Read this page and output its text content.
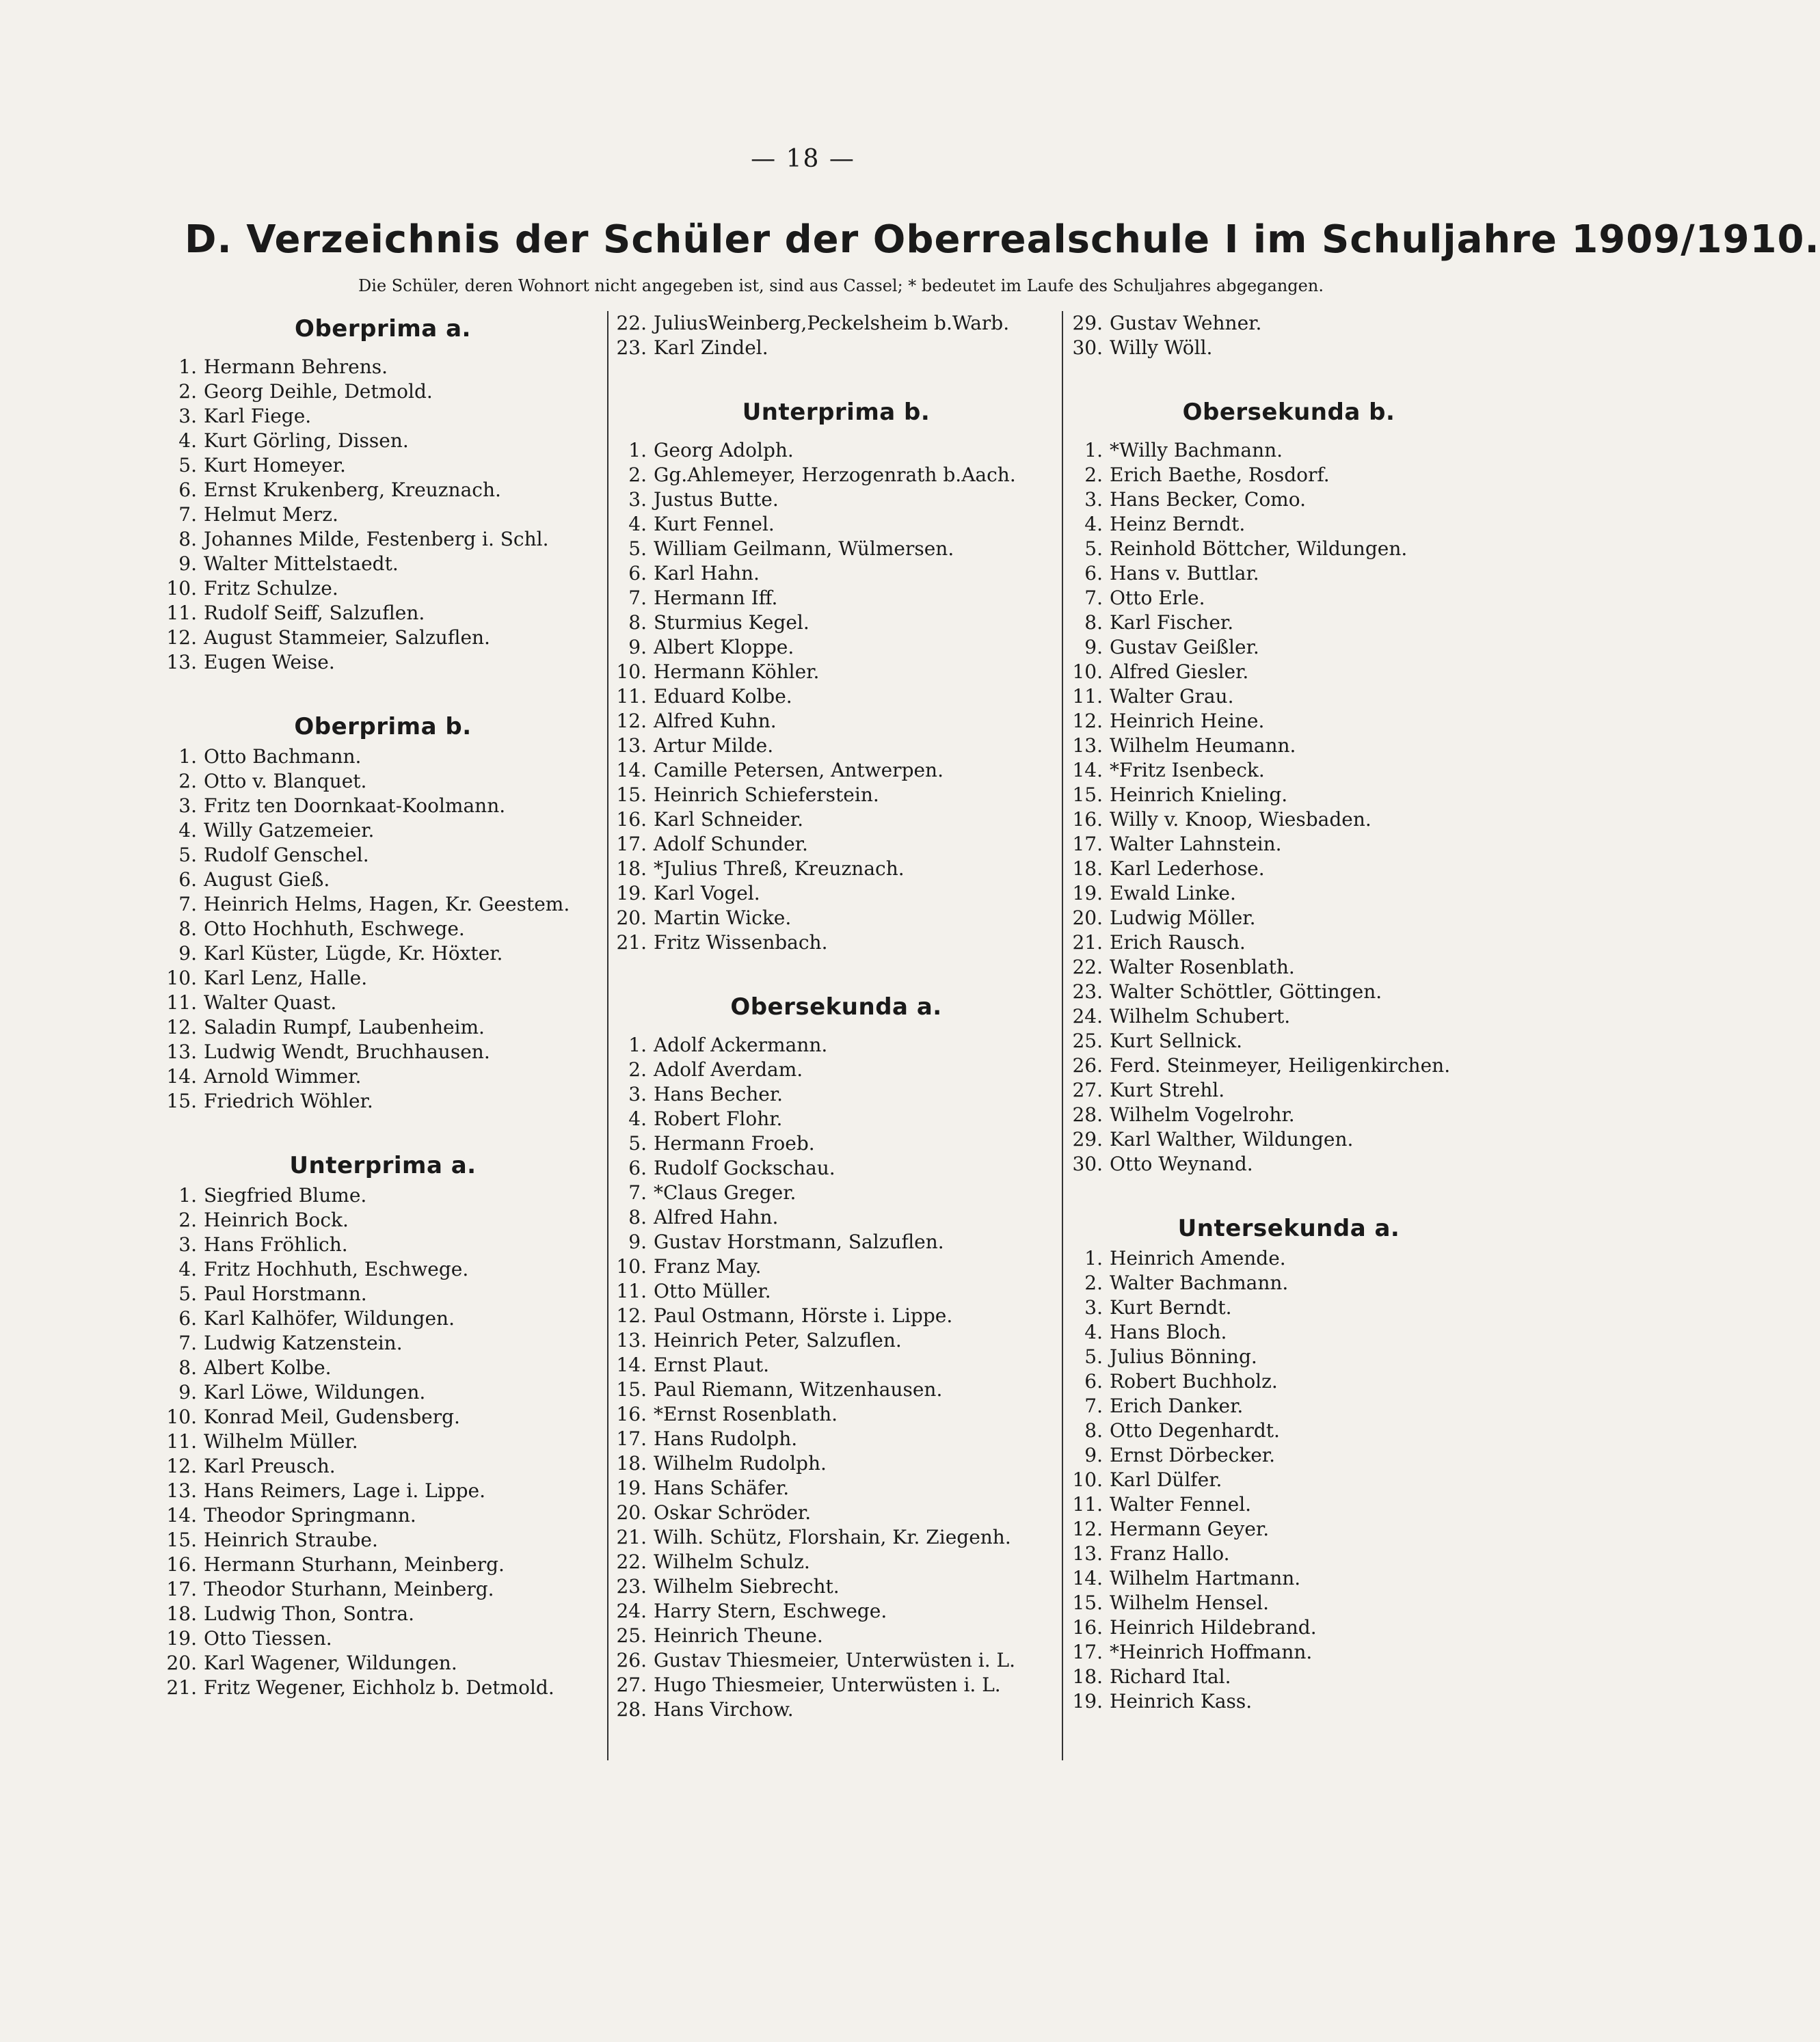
— 18 —
D. Verzeichnis der Schüler der Oberrealschule I im Schuljahre 1909/1910.
Die Schüler, deren Wohnort nicht angegeben ist, sind aus Cassel; * bedeutet im Laufe des Schuljahres abgegangen.
Oberprima a.
1. Hermann Behrens.
2. Georg Deihle, Detmold.
3. Karl Fiege.
4. Kurt Görling, Dissen.
5. Kurt Homeyer.
6. Ernst Krukenberg, Kreuznach.
7. Helmut Merz.
8. Johannes Milde, Festenberg i. Schl.
9. Walter Mittelstaedt.
10. Fritz Schulze.
11. Rudolf Seiff, Salzuflen.
12. August Stammeier, Salzuflen.
13. Eugen Weise.
Oberprima b.
1. Otto Bachmann.
2. Otto v. Blanquet.
3. Fritz ten Doornkaat-Koolmann.
4. Willy Gatzemeier.
5. Rudolf Genschel.
6. August Gieß.
7. Heinrich Helms, Hagen, Kr. Geestem.
8. Otto Hochhuth, Eschwege.
9. Karl Küster, Lügde, Kr. Höxter.
10. Karl Lenz, Halle.
11. Walter Quast.
12. Saladin Rumpf, Laubenheim.
13. Ludwig Wendt, Bruchhausen.
14. Arnold Wimmer.
15. Friedrich Wöhler.
Unterprima a.
1. Siegfried Blume.
2. Heinrich Bock.
3. Hans Fröhlich.
4. Fritz Hochhuth, Eschwege.
5. Paul Horstmann.
6. Karl Kalhöfer, Wildungen.
7. Ludwig Katzenstein.
8. Albert Kolbe.
9. Karl Löwe, Wildungen.
10. Konrad Meil, Gudensberg.
11. Wilhelm Müller.
12. Karl Preusch.
13. Hans Reimers, Lage i. Lippe.
14. Theodor Springmann.
15. Heinrich Straube.
16. Hermann Sturhann, Meinberg.
17. Theodor Sturhann, Meinberg.
18. Ludwig Thon, Sontra.
19. Otto Tiessen.
20. Karl Wagener, Wildungen.
21. Fritz Wegener, Eichholz b. Detmold.
22. JuliusWeinberg,Peckelsheim b.Warb.
23. Karl Zindel.
Unterprima b.
1. Georg Adolph.
2. Gg.Ahlemeyer, Herzogenrath b.Aach.
3. Justus Butte.
4. Kurt Fennel.
5. William Geilmann, Wülmersen.
6. Karl Hahn.
7. Hermann Iff.
8. Sturmius Kegel.
9. Albert Kloppe.
10. Hermann Köhler.
11. Eduard Kolbe.
12. Alfred Kuhn.
13. Artur Milde.
14. Camille Petersen, Antwerpen.
15. Heinrich Schieferstein.
16. Karl Schneider.
17. Adolf Schunder.
18. *Julius Threß, Kreuznach.
19. Karl Vogel.
20. Martin Wicke.
21. Fritz Wissenbach.
Obersekunda a.
1. Adolf Ackermann.
2. Adolf Averdam.
3. Hans Becher.
4. Robert Flohr.
5. Hermann Froeb.
6. Rudolf Gockschau.
7. *Claus Greger.
8. Alfred Hahn.
9. Gustav Horstmann, Salzuflen.
10. Franz May.
11. Otto Müller.
12. Paul Ostmann, Hörste i. Lippe.
13. Heinrich Peter, Salzuflen.
14. Ernst Plaut.
15. Paul Riemann, Witzenhausen.
16. *Ernst Rosenblath.
17. Hans Rudolph.
18. Wilhelm Rudolph.
19. Hans Schäfer.
20. Oskar Schröder.
21. Wilh. Schütz, Florshain, Kr. Ziegenh.
22. Wilhelm Schulz.
23. Wilhelm Siebrecht.
24. Harry Stern, Eschwege.
25. Heinrich Theune.
26. Gustav Thiesmeier, Unterwüsten i. L.
27. Hugo Thiesmeier, Unterwüsten i. L.
28. Hans Virchow.
29. Gustav Wehner.
30. Willy Wöll.
Obersekunda b.
1. *Willy Bachmann.
2. Erich Baethe, Rosdorf.
3. Hans Becker, Como.
4. Heinz Berndt.
5. Reinhold Böttcher, Wildungen.
6. Hans v. Buttlar.
7. Otto Erle.
8. Karl Fischer.
9. Gustav Geißler.
10. Alfred Giesler.
11. Walter Grau.
12. Heinrich Heine.
13. Wilhelm Heumann.
14. *Fritz Isenbeck.
15. Heinrich Knieling.
16. Willy v. Knoop, Wiesbaden.
17. Walter Lahnstein.
18. Karl Lederhose.
19. Ewald Linke.
20. Ludwig Möller.
21. Erich Rausch.
22. Walter Rosenblath.
23. Walter Schöttler, Göttingen.
24. Wilhelm Schubert.
25. Kurt Sellnick.
26. Ferd. Steinmeyer, Heiligenkirchen.
27. Kurt Strehl.
28. Wilhelm Vogelrohr.
29. Karl Walther, Wildungen.
30. Otto Weynand.
Untersekunda a.
1. Heinrich Amende.
2. Walter Bachmann.
3. Kurt Berndt.
4. Hans Bloch.
5. Julius Bönning.
6. Robert Buchholz.
7. Erich Danker.
8. Otto Degenhardt.
9. Ernst Dörbecker.
10. Karl Dülfer.
11. Walter Fennel.
12. Hermann Geyer.
13. Franz Hallo.
14. Wilhelm Hartmann.
15. Wilhelm Hensel.
16. Heinrich Hildebrand.
17. *Heinrich Hoffmann.
18. Richard Ital.
19. Heinrich Kass.
